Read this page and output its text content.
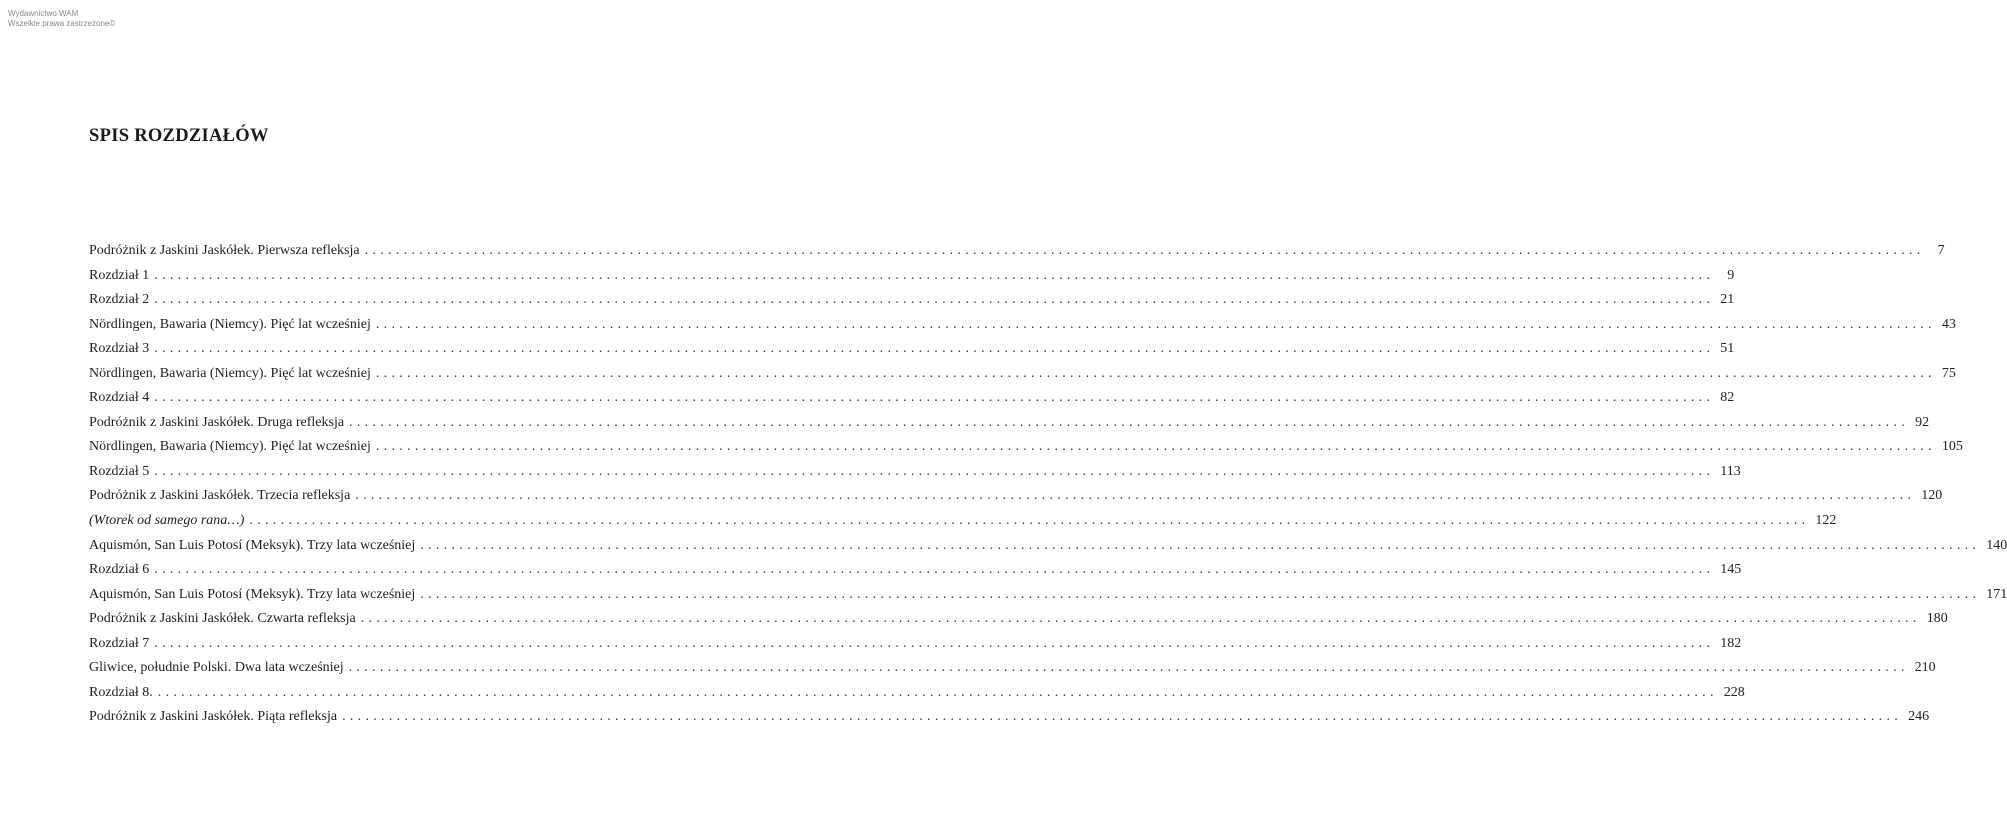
Wydawnictwo WAM
Wszelkie prawa zastrzeżone©
SPIS ROZDZIAŁÓW
Podróżnik z Jaskini Jaskółek. Pierwsza refleksja ........................................................................................................................................................................................................ 7
Rozdział 1 ........................................................................................................................................................................................................ 9
Rozdział 2 ........................................................................................................................................................................................................ 21
Nördlingen, Bawaria (Niemcy). Pięć lat wcześniej ........................................................................................................................................................................................................ 43
Rozdział 3 ........................................................................................................................................................................................................ 51
Nördlingen, Bawaria (Niemcy). Pięć lat wcześniej ........................................................................................................................................................................................................ 75
Rozdział 4 ........................................................................................................................................................................................................ 82
Podróżnik z Jaskini Jaskółek. Druga refleksja ........................................................................................................................................................................................................ 92
Nördlingen, Bawaria (Niemcy). Pięć lat wcześniej ........................................................................................................................................................................................................ 105
Rozdział 5 ........................................................................................................................................................................................................ 113
Podróżnik z Jaskini Jaskółek. Trzecia refleksja ........................................................................................................................................................................................................ 120
(Wtorek od samego rana…) ........................................................................................................................................................................................................ 122
Aquismón, San Luis Potosí (Meksyk). Trzy lata wcześniej ........................................................................................................................................................................................................ 140
Rozdział 6 ........................................................................................................................................................................................................ 145
Aquismón, San Luis Potosí (Meksyk). Trzy lata wcześniej ........................................................................................................................................................................................................ 171
Podróżnik z Jaskini Jaskółek. Czwarta refleksja ........................................................................................................................................................................................................ 180
Rozdział 7 ........................................................................................................................................................................................................ 182
Gliwice, południe Polski. Dwa lata wcześniej ........................................................................................................................................................................................................ 210
Rozdział 8. ........................................................................................................................................................................................................ 228
Podróżnik z Jaskini Jaskółek. Piąta refleksja ........................................................................................................................................................................................................ 246
